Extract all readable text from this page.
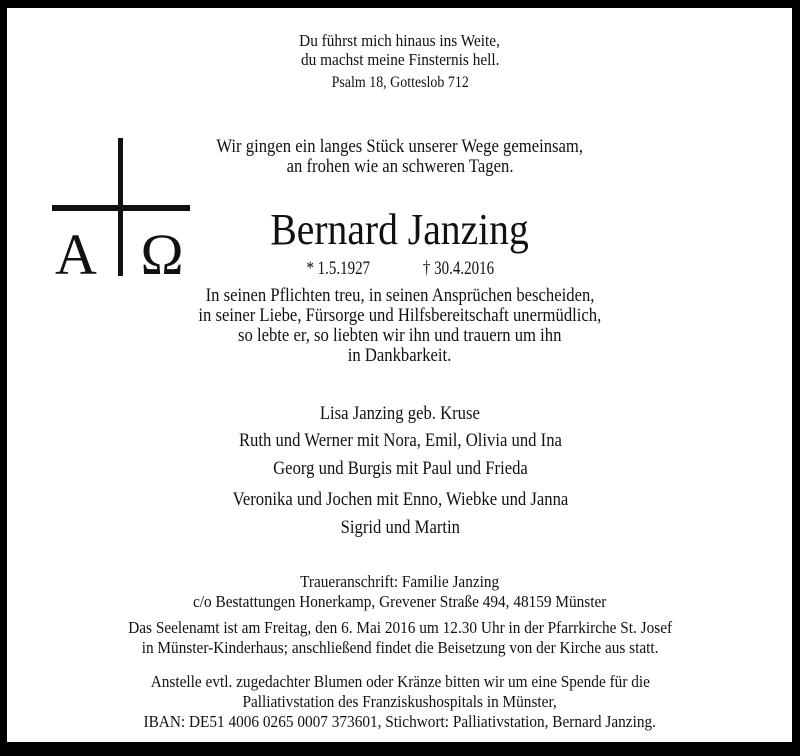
A Ω
Du führst mich hinaus ins Weite,
du machst meine Finsternis hell.
Psalm 18, Gotteslob 712
Wir gingen ein langes Stück unserer Wege gemeinsam,
an frohen wie an schweren Tagen.
Bernard Janzing
* 1.5.1927	† 30.4.2016
In seinen Pflichten treu, in seinen Ansprüchen bescheiden,
in seiner Liebe, Fürsorge und Hilfsbereitschaft unermüdlich,
so lebte er, so liebten wir ihn und trauern um ihn
in Dankbarkeit.
Lisa Janzing geb. Kruse
Ruth und Werner mit Nora, Emil, Olivia und Ina
Georg und Burgis mit Paul und Frieda
Veronika und Jochen mit Enno, Wiebke und Janna
Sigrid und Martin
Traueranschrift: Familie Janzing
c/o Bestattungen Honerkamp, Grevener Straße 494, 48159 Münster
Das Seelenamt ist am Freitag, den 6. Mai 2016 um 12.30 Uhr in der Pfarrkirche St. Josef
in Münster-Kinderhaus; anschließend findet die Beisetzung von der Kirche aus statt.
Anstelle evtl. zugedachter Blumen oder Kränze bitten wir um eine Spende für die
Palliativstation des Franziskushospitals in Münster,
IBAN: DE51 4006 0265 0007 373601, Stichwort: Palliativstation, Bernard Janzing.
